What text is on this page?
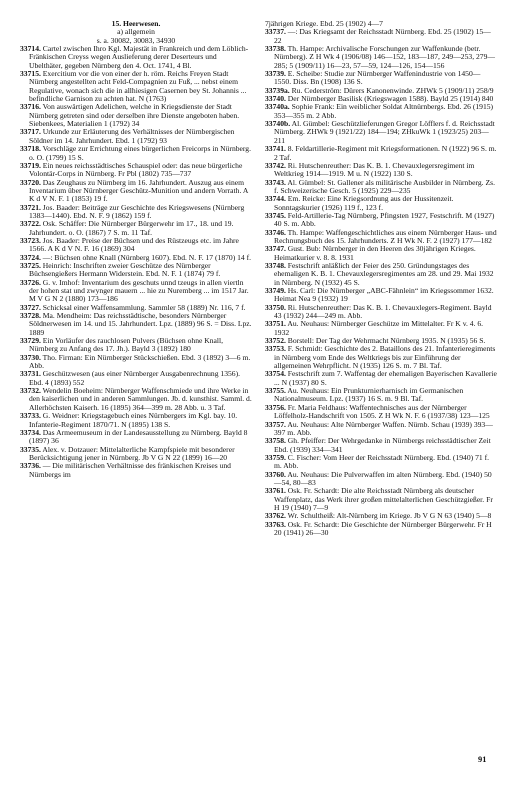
15. Heerwesen.

a) allgemein

s. a. 30082, 30083, 34930

33714. Cartel zwischen Ihro Kgl. Majestät in Frankreich und dem Löblich-Fränkischen Creyss wegen Auslieferung derer Deserteurs und Ubelthäter, gegeben Nürnberg den 4. Oct. 1741, 4 Bl.

33715. Exercitium vor die von einer der h. röm. Reichs Freyen Stadt Nürnberg angestellten acht Feld-Compagnien zu Fuß, ... nebst einem Regulative, wonach sich die in allhiesigen Casernen bey St. Johannis ... befindliche Garnison zu achten hat. N (1763)

33716. Von auswärtigen Adelichen, welche in Kriegsdienste der Stadt Nürnberg getreten sind oder derselben ihre Dienste angeboten haben. Siebenkees, Materialien 1 (1792) 34

33717. Urkunde zur Erläuterung des Verhältnisses der Nürnbergischen Söldner im 14. Jahrhundert. Ebd. 1 (1792) 93

33718. Vorschläge zur Errichtung eines bürgerlichen Freicorps in Nürnberg. o. O. (1799) 15 S.

33719. Ein neues reichsstädtisches Schauspiel oder: das neue bürgerliche Volontär-Corps in Nürnberg. Fr Pbl (1802) 735—737

33720. Das Zeughaus zu Nürnberg im 16. Jahrhundert. Auszug aus einem Inventarium über Nürnberger Geschütz-Munition und andern Vorrath. A K d V N. F. 1 (1853) 19 f.

33721. Jos. Baader: Beiträge zur Geschichte des Kriegswesens (Nürnberg 1383—1440). Ebd. N. F. 9 (1862) 159 f.

33722. Osk. Schäffer: Die Nürnberger Bürgerwehr im 17., 18. und 19. Jahrhundert. o. O. (1867) 7 S. m. 11 Taf.

33723. Jos. Baader: Preise der Büchsen und des Rüstzeugs etc. im Jahre 1566. A K d V N. F. 16 (1869) 304

33724. —: Büchsen ohne Knall (Nürnberg 1607). Ebd. N. F. 17 (1870) 14 f.

33725. Heinrich: Inschriften zweier Geschütze des Nürnberger Büchsengießers Hermann Widerstein. Ebd. N. F. 1 (1874) 79 f.

33726. G. v. Imhof: Inventarium des geschuts unnd tzeugs in allen viertln der hohen stat und zwynger mauern ... hie zu Nuremberg ... im 1517 Jar. M V G N 2 (1880) 173—186

33727. Schicksal einer Waffensammlung. Sammler 58 (1889) Nr. 116, 7 f.

33728. Ma. Mendheim: Das reichsstädtische, besonders Nürnberger Söldnerwesen im 14. und 15. Jahrhundert. Lpz. (1889) 96 S. = Diss. Lpz. 1889

33729. Ein Vorläufer des rauchlosen Pulvers (Büchsen ohne Knall, Nürnberg zu Anfang des 17. Jh.). Bayld 3 (1892) 180

33730. Tho. Firman: Ein Nürnberger Stückschießen. Ebd. 3 (1892) 3—6 m. Abb.

33731. Geschützwesen (aus einer Nürnberger Ausgabenrechnung 1356). Ebd. 4 (1893) 552

33732. Wendelin Boeheim: Nürnberger Waffenschmiede und ihre Werke in den kaiserlichen und in anderen Sammlungen. Jb. d. kunsthist. Samml. d. Allerhöchsten Kaiserh. 16 (1895) 364—399 m. 28 Abb. u. 3 Taf.

33733. G. Weidner: Kriegstagebuch eines Nürnbergers im Kgl. bay. 10. Infanterie-Regiment 1870/71. N (1895) 138 S.

33734. Das Armeemuseum in der Landesausstellung zu Nürnberg. Bayld 8 (1897) 36

33735. Alex. v. Dotzauer: Mittelalterliche Kampfspiele mit besonderer Berücksichtigung jener in Nürnberg. Jb V G N 22 (1899) 16—20

33736. — Die militärischen Verhältnisse des fränkischen Kreises und Nürnbergs im

7jährigen Kriege. Ebd. 25 (1902) 4—7

33737. —: Das Kriegsamt der Reichsstadt Nürnberg. Ebd. 25 (1902) 15—22

33738. Th. Hampe: Archivalische Forschungen zur Waffenkunde (betr. Nürnberg). Z H Wk 4 (1906/08) 146—152, 183—187, 249—253, 279—285; 5 (1909/11) 16—23, 57—59, 124—126, 154—156

33739. E. Scheibe: Studie zur Nürnberger Waffenindustrie von 1450—1550. Diss. Bn (1908) 136 S.

33739a. Ru. Cederström: Dürers Kanonenwinde. ZHWk 5 (1909/11) 258/9

33740. Der Nürnberger Basilisk (Kriegswagen 1588). Bayld 25 (1914) 840

33740a. Sophie Frank: Ein weiblicher Soldat Altnürnbergs. Ebd. 26 (1915) 353—355 m. 2 Abb.

33740b. Al. Gümbel: Geschützlieferungen Gregor Löfflers f. d. Reichsstadt Nürnberg. ZHWk 9 (1921/22) 184—194; ZHkuWk 1 (1923/25) 203—211

33741. 8. Feldartillerie-Regiment mit Kriegsformationen. N (1922) 96 S. m. 2 Taf.

33742. Ri. Hutschenreuther: Das K. B. 1. Chevauxlegersregiment im Weltkrieg 1914—1919. M u. N (1922) 130 S.

33743. Al. Gümbel: St. Gallener als militärische Ausbilder in Nürnberg. Zs. f. Schweizerische Gesch. 5 (1925) 229—235

33744. Em. Reicke: Eine Kriegsordnung aus der Hussitenzeit. Sonntagskurier (1926) 119 f., 123 f.

33745. Feld-Artillerie-Tag Nürnberg, Pfingsten 1927, Festschrift. M (1927) 40 S. m. Abb.

33746. Th. Hampe: Waffengeschichtliches aus einem Nürnberger Haus- und Rechnungsbuch des 15. Jahrhunderts. Z H Wk N. F. 2 (1927) 177—182

33747. Gust. Bub: Nürnberger in den Heeren des 30jährigen Krieges. Heimatkurier v. 8. 8. 1931

33748. Festschrift anläßlich der Feier des 250. Gründungstages des ehemaligen K. B. 1. Chevauxlegersregimentes am 28. und 29. Mai 1932 in Nürnberg. N (1932) 45 S.

33749. Hs. Carl: Die Nürnberger „ABC-Fähnlein“ im Kriegssommer 1632. Heimat Nea 9 (1932) 19

33750. Ri. Hutschenreuther: Das K. B. 1. Chevauxlegers-Regiment. Bayld 43 (1932) 244—249 m. Abb.

33751. Au. Neuhaus: Nürnberger Geschütze im Mittelalter. Fr K v. 4. 6. 1932

33752. Borstell: Der Tag der Wehrmacht Nürnberg 1935. N (1935) 56 S.

33753. F. Schmidt: Geschichte des 2. Bataillons des 21. Infanterieregiments in Nürnberg vom Ende des Weltkriegs bis zur Einführung der allgemeinen Wehrpflicht. N (1935) 126 S. m. 7 Bl. Taf.

33754. Festschrift zum 7. Waffentag der ehemaligen Bayerischen Kavallerie ... N (1937) 80 S.

33755. Au. Neuhaus: Ein Prunkturnierharnisch im Germanischen Nationalmuseum. Lpz. (1937) 16 S. m. 9 Bl. Taf.

33756. Fr. Maria Feldhaus: Waffentechnisches aus der Nürnberger Löffelholz-Handschrift von 1505. Z H Wk N. F. 6 (1937/38) 123—125

33757. Au. Neuhaus: Alte Nürnberger Waffen. Nürnb. Schau (1939) 393—397 m. Abb.

33758. Gh. Pfeiffer: Der Wehrgedanke in Nürnbergs reichsstädtischer Zeit Ebd. (1939) 334—341

33759. C. Fischer: Vom Heer der Reichsstadt Nürnberg. Ebd. (1940) 71 f. m. Abb.

33760. Au. Neuhaus: Die Pulverwaffen im alten Nürnberg. Ebd. (1940) 50—54, 80—83

33761. Osk. Fr. Schardt: Die alte Reichsstadt Nürnberg als deutscher Waffenplatz, das Werk ihrer großen mittelalterlichen Geschützgießer. Fr H 19 (1940) 7—9

33762. Wr. Schultheiß: Alt-Nürnberg im Kriege. Jb V G N 63 (1940) 5—8

33763. Osk. Fr. Schardt: Die Geschichte der Nürnberger Bürgerwehr. Fr H 20 (1941) 26—30

91
